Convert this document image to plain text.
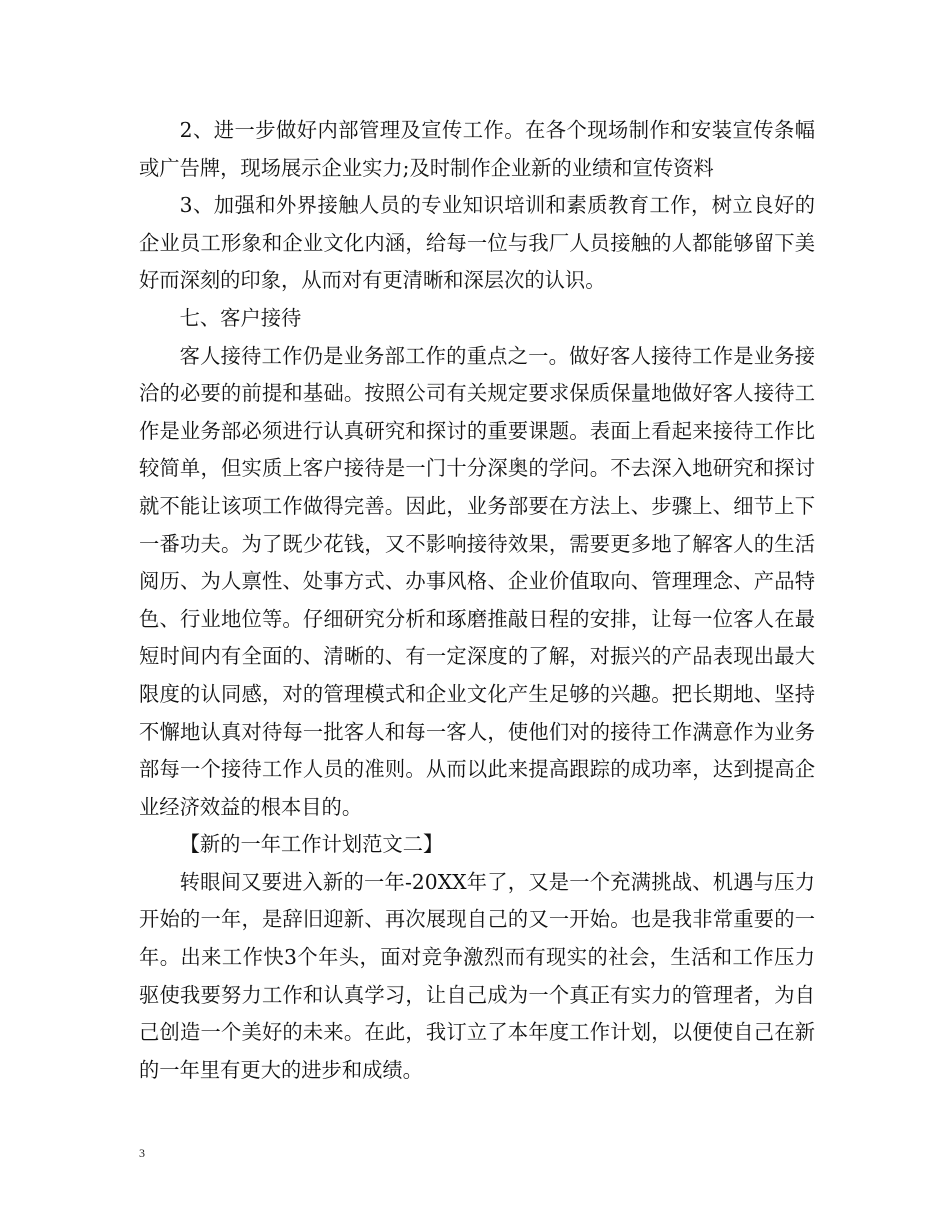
2、进一步做好内部管理及宣传工作。在各个现场制作和安装宣传条幅或广告牌，现场展示企业实力;及时制作企业新的业绩和宣传资料

3、加强和外界接触人员的专业知识培训和素质教育工作，树立良好的企业员工形象和企业文化内涵，给每一位与我厂人员接触的人都能够留下美好而深刻的印象，从而对有更清晰和深层次的认识。

七、客户接待

客人接待工作仍是业务部工作的重点之一。做好客人接待工作是业务接洽的必要的前提和基础。按照公司有关规定要求保质保量地做好客人接待工作是业务部必须进行认真研究和探讨的重要课题。表面上看起来接待工作比较简单，但实质上客户接待是一门十分深奥的学问。不去深入地研究和探讨就不能让该项工作做得完善。因此，业务部要在方法上、步骤上、细节上下一番功夫。为了既少花钱，又不影响接待效果，需要更多地了解客人的生活阅历、为人禀性、处事方式、办事风格、企业价值取向、管理理念、产品特色、行业地位等。仔细研究分析和琢磨推敲日程的安排，让每一位客人在最短时间内有全面的、清晰的、有一定深度的了解，对振兴的产品表现出最大限度的认同感，对的管理模式和企业文化产生足够的兴趣。把长期地、坚持不懈地认真对待每一批客人和每一客人，使他们对的接待工作满意作为业务部每一个接待工作人员的准则。从而以此来提高跟踪的成功率，达到提高企业经济效益的根本目的。

【新的一年工作计划范文二】

转眼间又要进入新的一年-20XX年了，又是一个充满挑战、机遇与压力开始的一年，是辞旧迎新、再次展现自己的又一开始。也是我非常重要的一年。出来工作快3个年头，面对竞争激烈而有现实的社会，生活和工作压力驱使我要努力工作和认真学习，让自己成为一个真正有实力的管理者，为自己创造一个美好的未来。在此，我订立了本年度工作计划，以便使自己在新的一年里有更大的进步和成绩。

3
